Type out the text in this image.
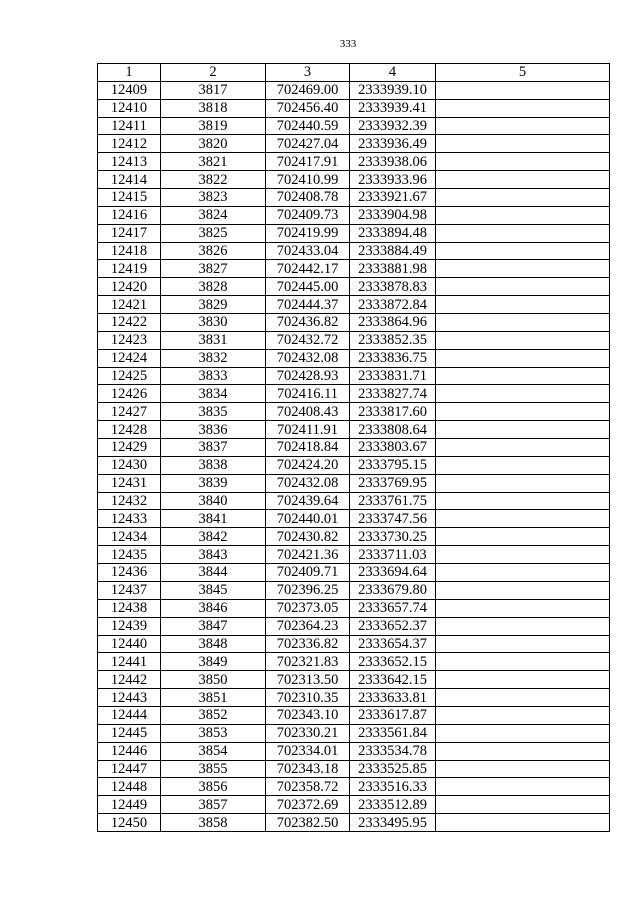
333
1	2	3	4	5
12409	3817	702469.00	2333939.10	
12410	3818	702456.40	2333939.41	
12411	3819	702440.59	2333932.39	
12412	3820	702427.04	2333936.49	
12413	3821	702417.91	2333938.06	
12414	3822	702410.99	2333933.96	
12415	3823	702408.78	2333921.67	
12416	3824	702409.73	2333904.98	
12417	3825	702419.99	2333894.48	
12418	3826	702433.04	2333884.49	
12419	3827	702442.17	2333881.98	
12420	3828	702445.00	2333878.83	
12421	3829	702444.37	2333872.84	
12422	3830	702436.82	2333864.96	
12423	3831	702432.72	2333852.35	
12424	3832	702432.08	2333836.75	
12425	3833	702428.93	2333831.71	
12426	3834	702416.11	2333827.74	
12427	3835	702408.43	2333817.60	
12428	3836	702411.91	2333808.64	
12429	3837	702418.84	2333803.67	
12430	3838	702424.20	2333795.15	
12431	3839	702432.08	2333769.95	
12432	3840	702439.64	2333761.75	
12433	3841	702440.01	2333747.56	
12434	3842	702430.82	2333730.25	
12435	3843	702421.36	2333711.03	
12436	3844	702409.71	2333694.64	
12437	3845	702396.25	2333679.80	
12438	3846	702373.05	2333657.74	
12439	3847	702364.23	2333652.37	
12440	3848	702336.82	2333654.37	
12441	3849	702321.83	2333652.15	
12442	3850	702313.50	2333642.15	
12443	3851	702310.35	2333633.81	
12444	3852	702343.10	2333617.87	
12445	3853	702330.21	2333561.84	
12446	3854	702334.01	2333534.78	
12447	3855	702343.18	2333525.85	
12448	3856	702358.72	2333516.33	
12449	3857	702372.69	2333512.89	
12450	3858	702382.50	2333495.95	
